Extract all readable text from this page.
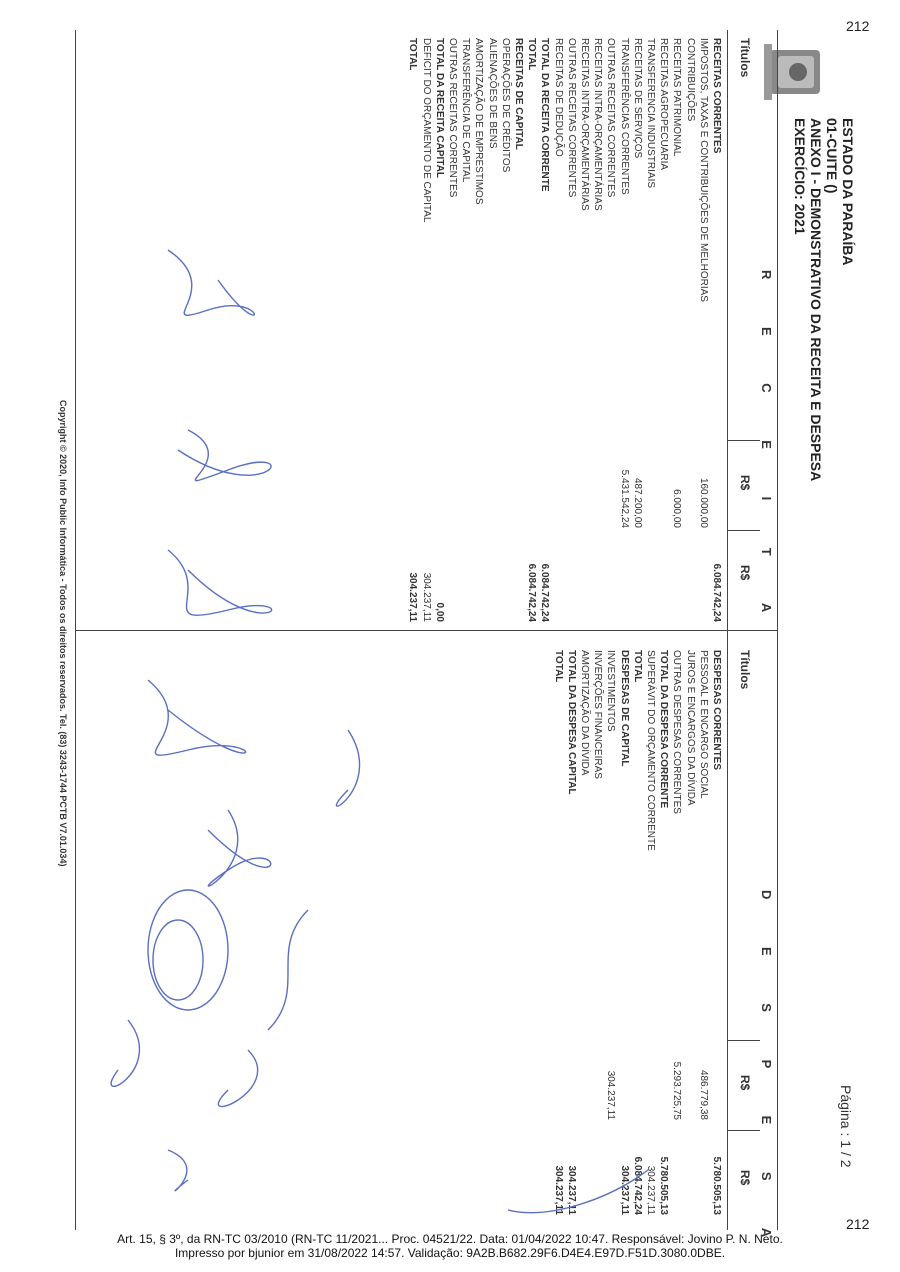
212
212
ESTADO DA PARAÍBA
01-CUITE ()
ANEXO I - DEMONSTRATIVO DA RECEITA E DESPESA
EXERCÍCIO: 2021
Página : 1 / 2
R E C E I T A
D E S P E S A
Títulos
R$
R$
Títulos
R$
R$
RECEITAS CORRENTES
6.084.742,24
IMPOSTOS, TAXAS E CONTRIBUIÇÕES DE MELHORIAS
160.000,00
CONTRIBUIÇÕES
RECEITAS PATRIMONIAL
6.000,00
RECEITAS AGROPECUARIA
TRANSFERENCIA INDUSTRIAIS
RECEITAS DE SERVIÇOS
487.200,00
TRANSFERÊNCIAS CORRENTES
5.431.542,24
OUTRAS RECEITAS CORRENTES
RECEITAS INTRA-ORÇAMENTÁRIAS
RECEITAS INTRA-ORÇAMENTÁRIAS
OUTRAS RECEITAS CORRENTES
RECEITAS DE DEDUÇÃO
TOTAL DA RECEITA CORRENTE
6.084.742,24
TOTAL
6.084.742,24
RECEITAS DE CAPITAL
OPERAÇÕES DE CRÉDITOS
ALIENAÇÕES DE BENS
AMORTIZAÇÃO DE EMPRESTIMOS
TRANSFERÊNCIA DE CAPITAL
OUTRAS RECEITAS CORRENTES
TOTAL DA RECEITA CAPITAL
0,00
DEFICIT DO ORÇAMENTO DE CAPITAL
304.237,11
TOTAL
304.237,11
DESPESAS CORRENTES
5.780.505,13
PESSOAL E ENCARGO SOCIAL
486.779,38
JUROS E ENCARGOS DA DÍVIDA
OUTRAS DESPESAS CORRENTES
5.293.725,75
TOTAL DA DESPESA CORRENTE
5.780.505,13
SUPERÁVIT DO ORÇAMENTO CORRENTE
304.237,11
TOTAL
6.084.742,24
DESPESAS DE CAPITAL
304.237,11
INVESTIMENTOS
304.237,11
INVERÇÕES FINANCEIRAS
AMORTIZAÇÃO DA DÍVIDA
TOTAL DA DESPESA CAPITAL
304.237,11
TOTAL
304.237,11
Copyright © 2020, Info Public Informática - Todos os direitos reservados. Tel. (83) 3243-1744 PCTB V7.01.034)
Art. 15, § 3º, da RN-TC 03/2010 (RN-TC 11/2021... Proc. 04521/22. Data: 01/04/2022 10:47. Responsável: Jovino P. N. Neto.
Impresso por bjunior em 31/08/2022 14:57. Validação: 9A2B.B682.29F6.D4E4.E97D.F51D.3080.0DBE.
